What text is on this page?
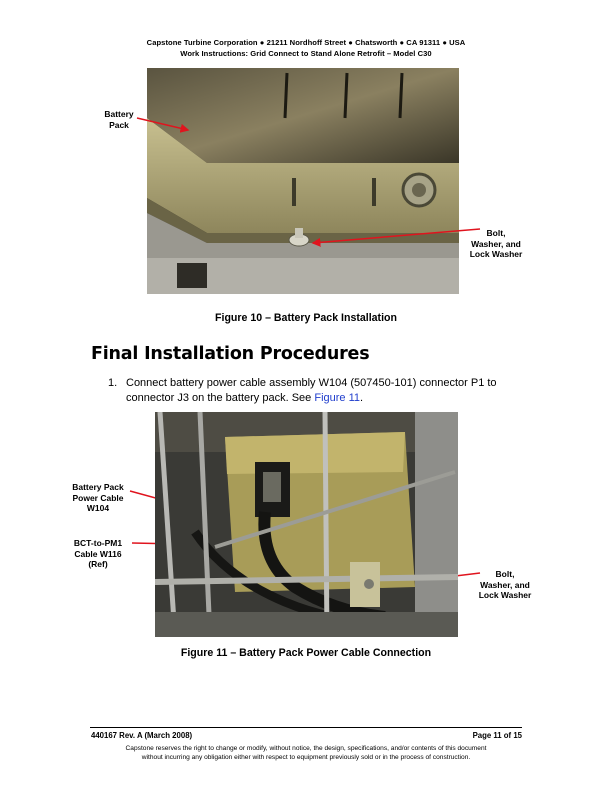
Capstone Turbine Corporation ● 21211 Nordhoff Street ● Chatsworth ● CA 91311 ● USA
Work Instructions: Grid Connect to Stand Alone Retrofit – Model C30
Battery
Pack
Bolt,
Washer, and
Lock Washer
Figure 10 – Battery Pack Installation
Final Installation Procedures
1. Connect battery power cable assembly W104 (507450-101) connector P1 to connector J3 on the battery pack. See Figure 11.
Battery Pack
Power Cable
W104
BCT-to-PM1
Cable W116
(Ref)
Bolt,
Washer, and
Lock Washer
Figure 11 – Battery Pack Power Cable Connection
440167 Rev. A (March 2008)	Page 11 of 15
Capstone reserves the right to change or modify, without notice, the design, specifications, and/or contents of this document
without incurring any obligation either with respect to equipment previously sold or in the process of construction.
